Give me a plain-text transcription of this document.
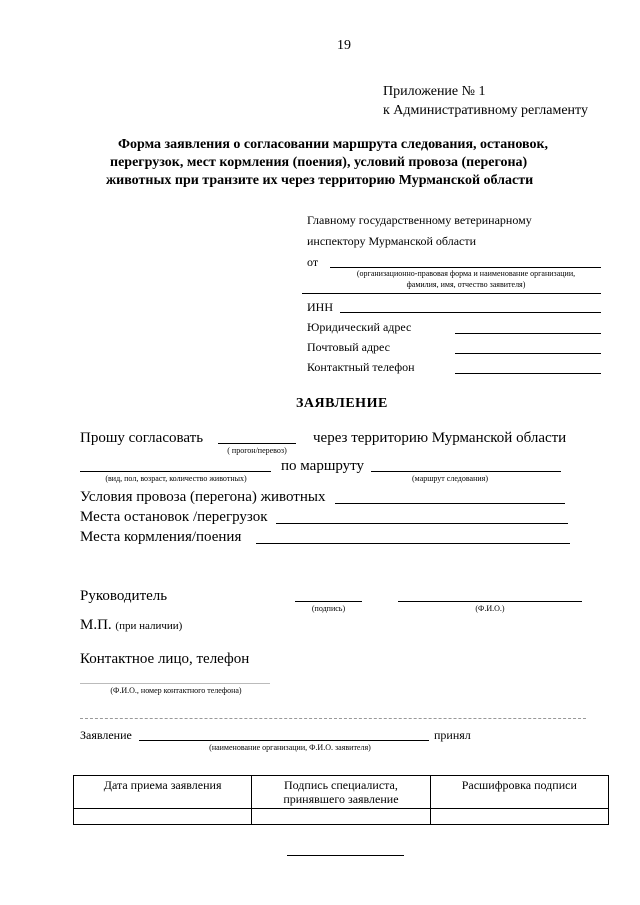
19
Приложение № 1
к Административному регламенту
Форма заявления о согласовании маршрута следования, остановок,
перегрузок, мест кормления (поения), условий провоза (перегона)
животных при транзите их через территорию Мурманской области
Главному государственному ветеринарному
инспектору Мурманской области
от
(организационно-правовая форма и наименование организации,
фамилия, имя, отчество заявителя)
ИНН
Юридический адрес
Почтовый адрес
Контактный телефон
ЗАЯВЛЕНИЕ
Прошу согласовать
( прогон/перевоз)
через территорию Мурманской области
(вид, пол, возраст, количество животных)
по маршруту
(маршрут следования)
Условия провоза (перегона) животных
Места остановок /перегрузок
Места кормления/поения
Руководитель
(подпись)	(Ф.И.О.)
М.П. (при наличии)
Контактное лицо, телефон
(Ф.И.О., номер контактного телефона)
Заявление	принял
(наименование организации, Ф.И.О. заявителя)
Дата приема заявления	Подпись специалиста, принявшего заявление	Расшифровка подписи
